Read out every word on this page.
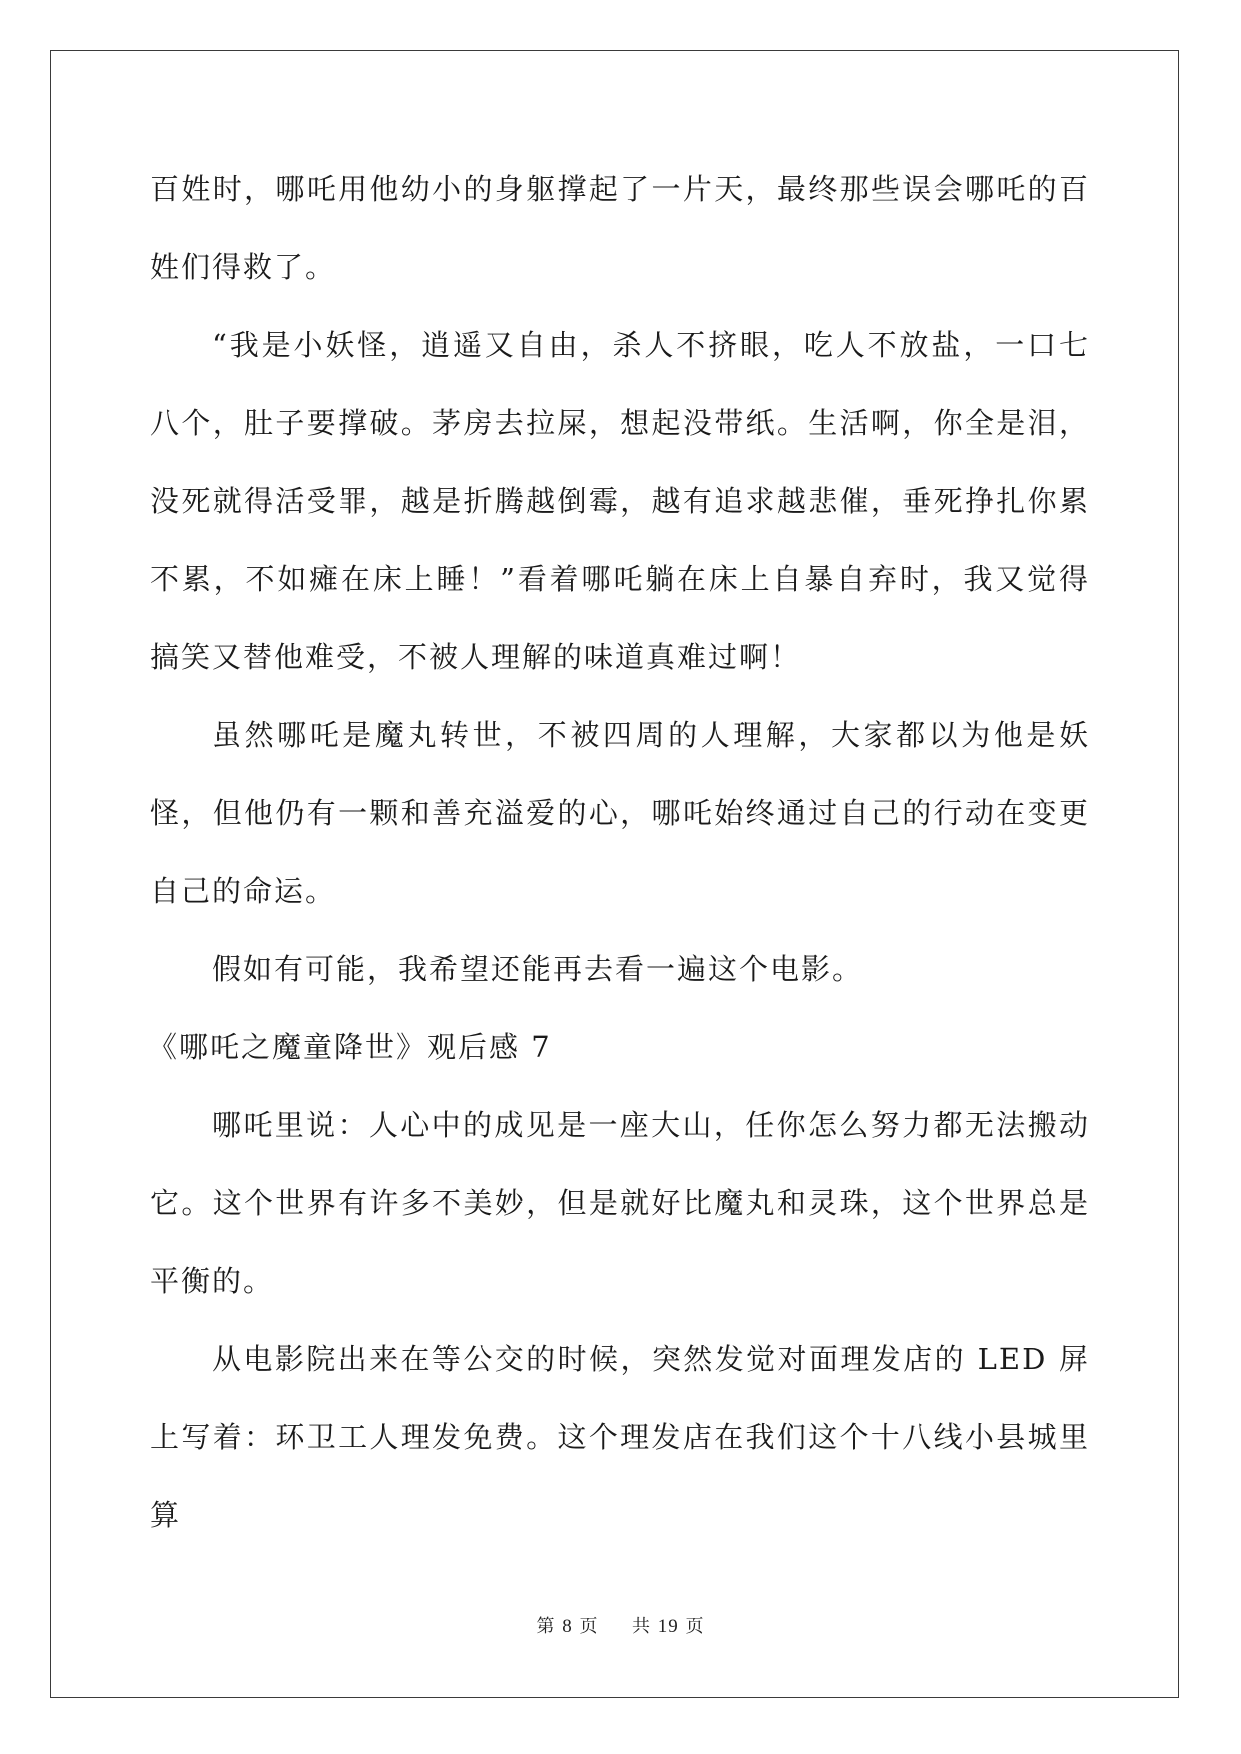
百姓时，哪吒用他幼小的身躯撑起了一片天，最终那些误会哪吒的百姓们得救了。

“我是小妖怪，逍遥又自由，杀人不挤眼，吃人不放盐，一口七八个，肚子要撑破。茅房去拉屎，想起没带纸。生活啊，你全是泪，没死就得活受罪，越是折腾越倒霉，越有追求越悲催，垂死挣扎你累不累，不如瘫在床上睡！”看着哪吒躺在床上自暴自弃时，我又觉得搞笑又替他难受，不被人理解的味道真难过啊！

虽然哪吒是魔丸转世，不被四周的人理解，大家都以为他是妖怪，但他仍有一颗和善充溢爱的心，哪吒始终通过自己的行动在变更自己的命运。

假如有可能，我希望还能再去看一遍这个电影。

《哪吒之魔童降世》观后感 7

哪吒里说：人心中的成见是一座大山，任你怎么努力都无法搬动它。这个世界有许多不美妙，但是就好比魔丸和灵珠，这个世界总是平衡的。

从电影院出来在等公交的时候，突然发觉对面理发店的 LED 屏上写着：环卫工人理发免费。这个理发店在我们这个十八线小县城里算

第 8 页 共 19 页
